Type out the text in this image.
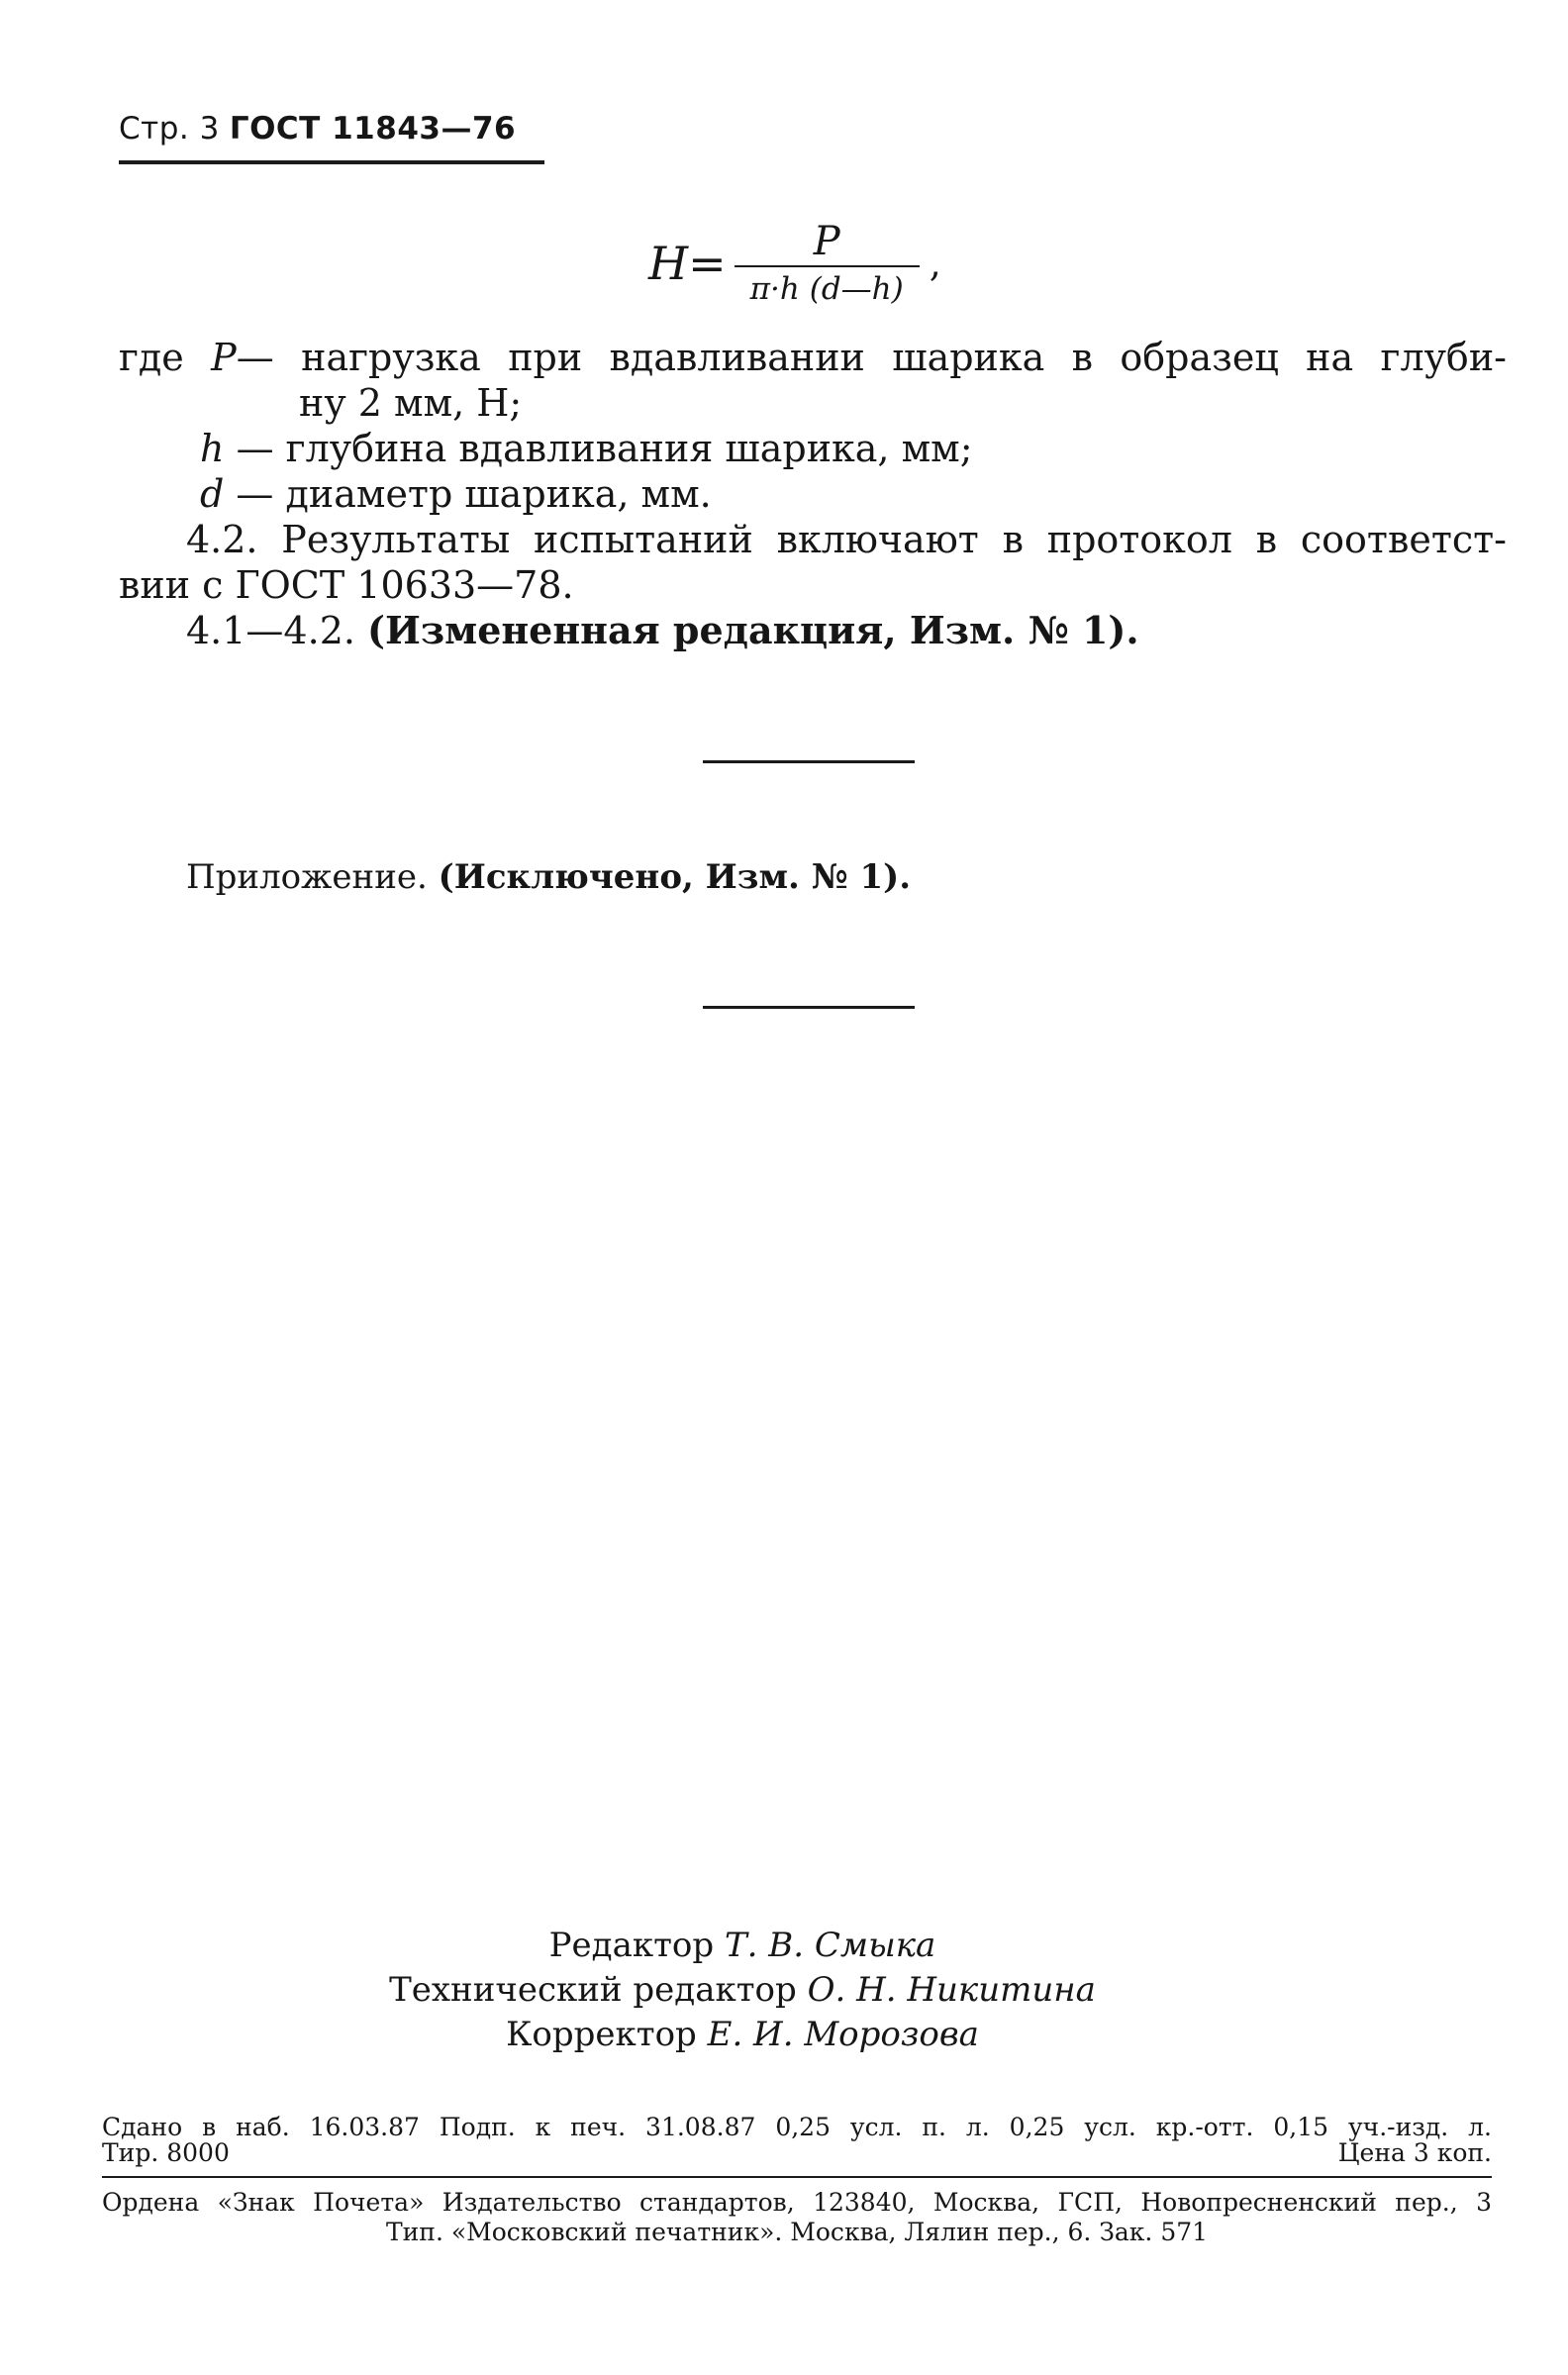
Стр. 3 ГОСТ 11843—76
$H= \frac{P}{\pi\cdot h (d—h)}$ ,
где P— нагрузка при вдавливании шарика в образец на глуби-
ну 2 мм, Н;
h — глубина вдавливания шарика, мм;
d — диаметр шарика, мм.
4.2. Результаты испытаний включают в протокол в соответст-
вии с ГОСТ 10633—78.
4.1—4.2. (Измененная редакция, Изм. № 1).
Приложение. (Исключено, Изм. № 1).
Редактор Т. В. Смыка
Технический редактор О. Н. Никитина
Корректор Е. И. Морозова
Сдано в наб. 16.03.87 Подп. к печ. 31.08.87 0,25 усл. п. л. 0,25 усл. кр.-отт. 0,15 уч.-изд. л.
Тир. 8000	Цена 3 коп.
Ордена «Знак Почета» Издательство стандартов, 123840, Москва, ГСП, Новопресненский пер., 3
Тип. «Московский печатник». Москва, Лялин пер., 6. Зак. 571
